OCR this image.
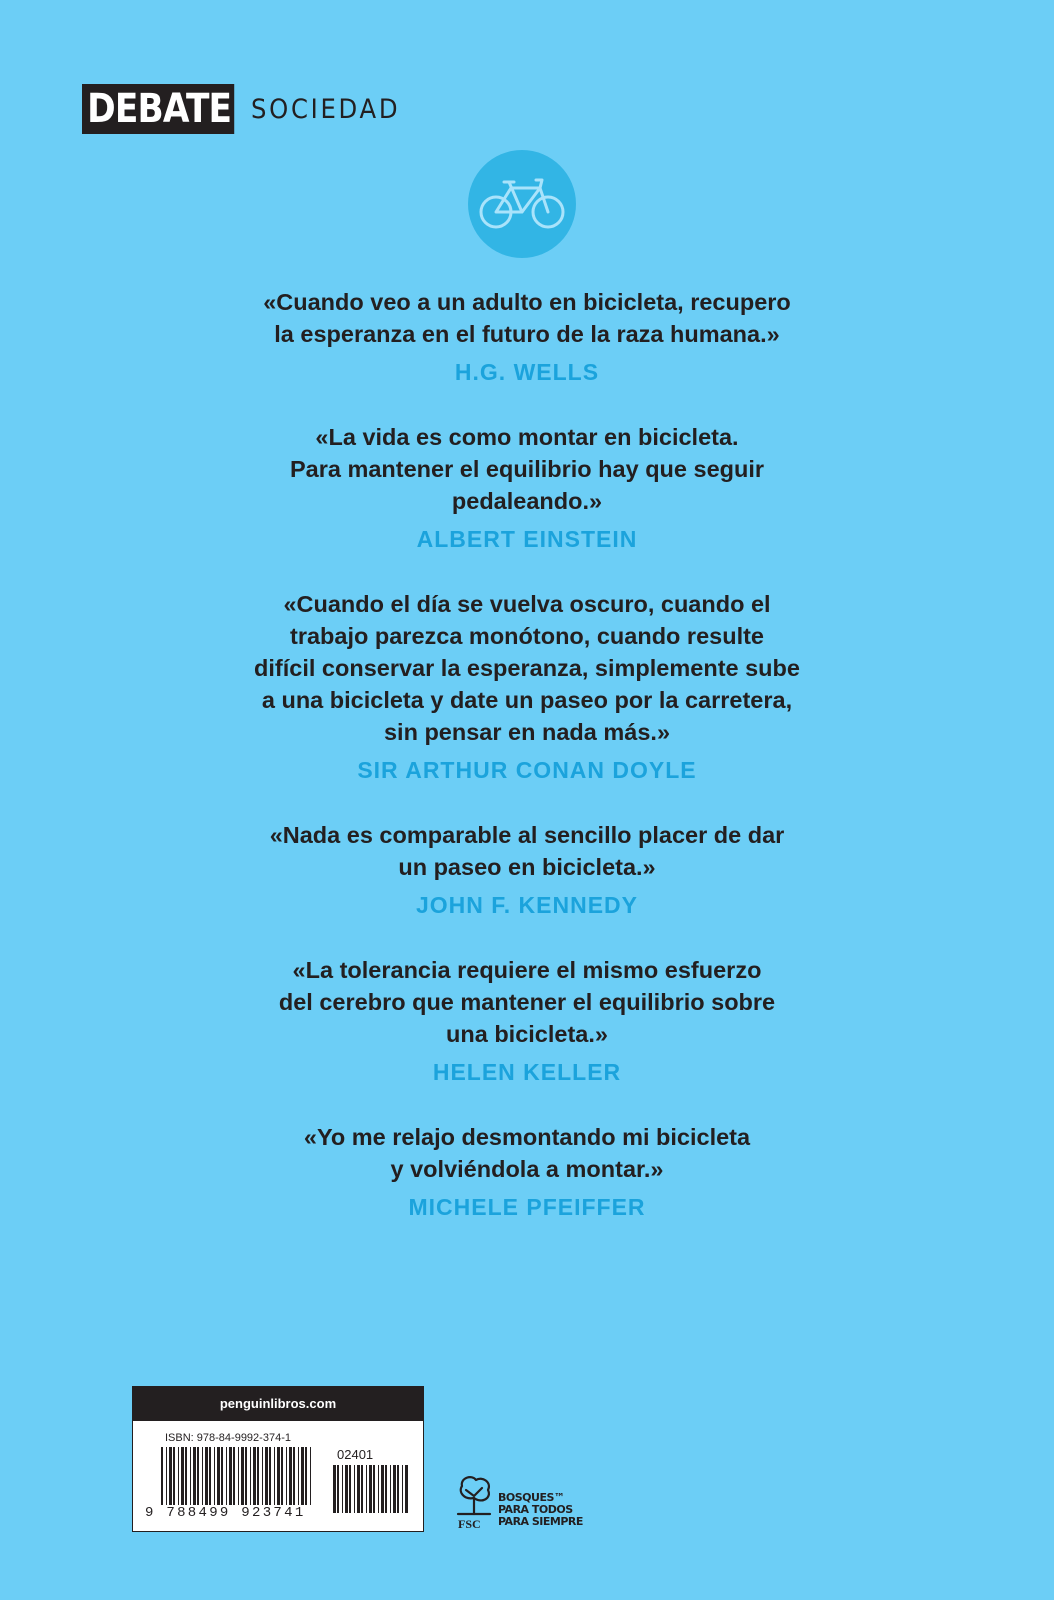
DEBATE SOCIEDAD

«Cuando veo a un adulto en bicicleta, recupero
la esperanza en el futuro de la raza humana.»

H.G. WELLS

«La vida es como montar en bicicleta.
Para mantener el equilibrio hay que seguir
pedaleando.»

ALBERT EINSTEIN

«Cuando el día se vuelva oscuro, cuando el
trabajo parezca monótono, cuando resulte
difícil conservar la esperanza, simplemente sube
a una bicicleta y date un paseo por la carretera,
sin pensar en nada más.»

SIR ARTHUR CONAN DOYLE

«Nada es comparable al sencillo placer de dar
un paseo en bicicleta.»

JOHN F. KENNEDY

«La tolerancia requiere el mismo esfuerzo
del cerebro que mantener el equilibrio sobre
una bicicleta.»

HELEN KELLER

«Yo me relajo desmontando mi bicicleta
y volviéndola a montar.»

MICHELE PFEIFFER
penguinlibros.com
ISBN: 978-84-9992-374-1
02401
9 788499 923741
FSC
BOSQUES™
PARA TODOS
PARA SIEMPRE
